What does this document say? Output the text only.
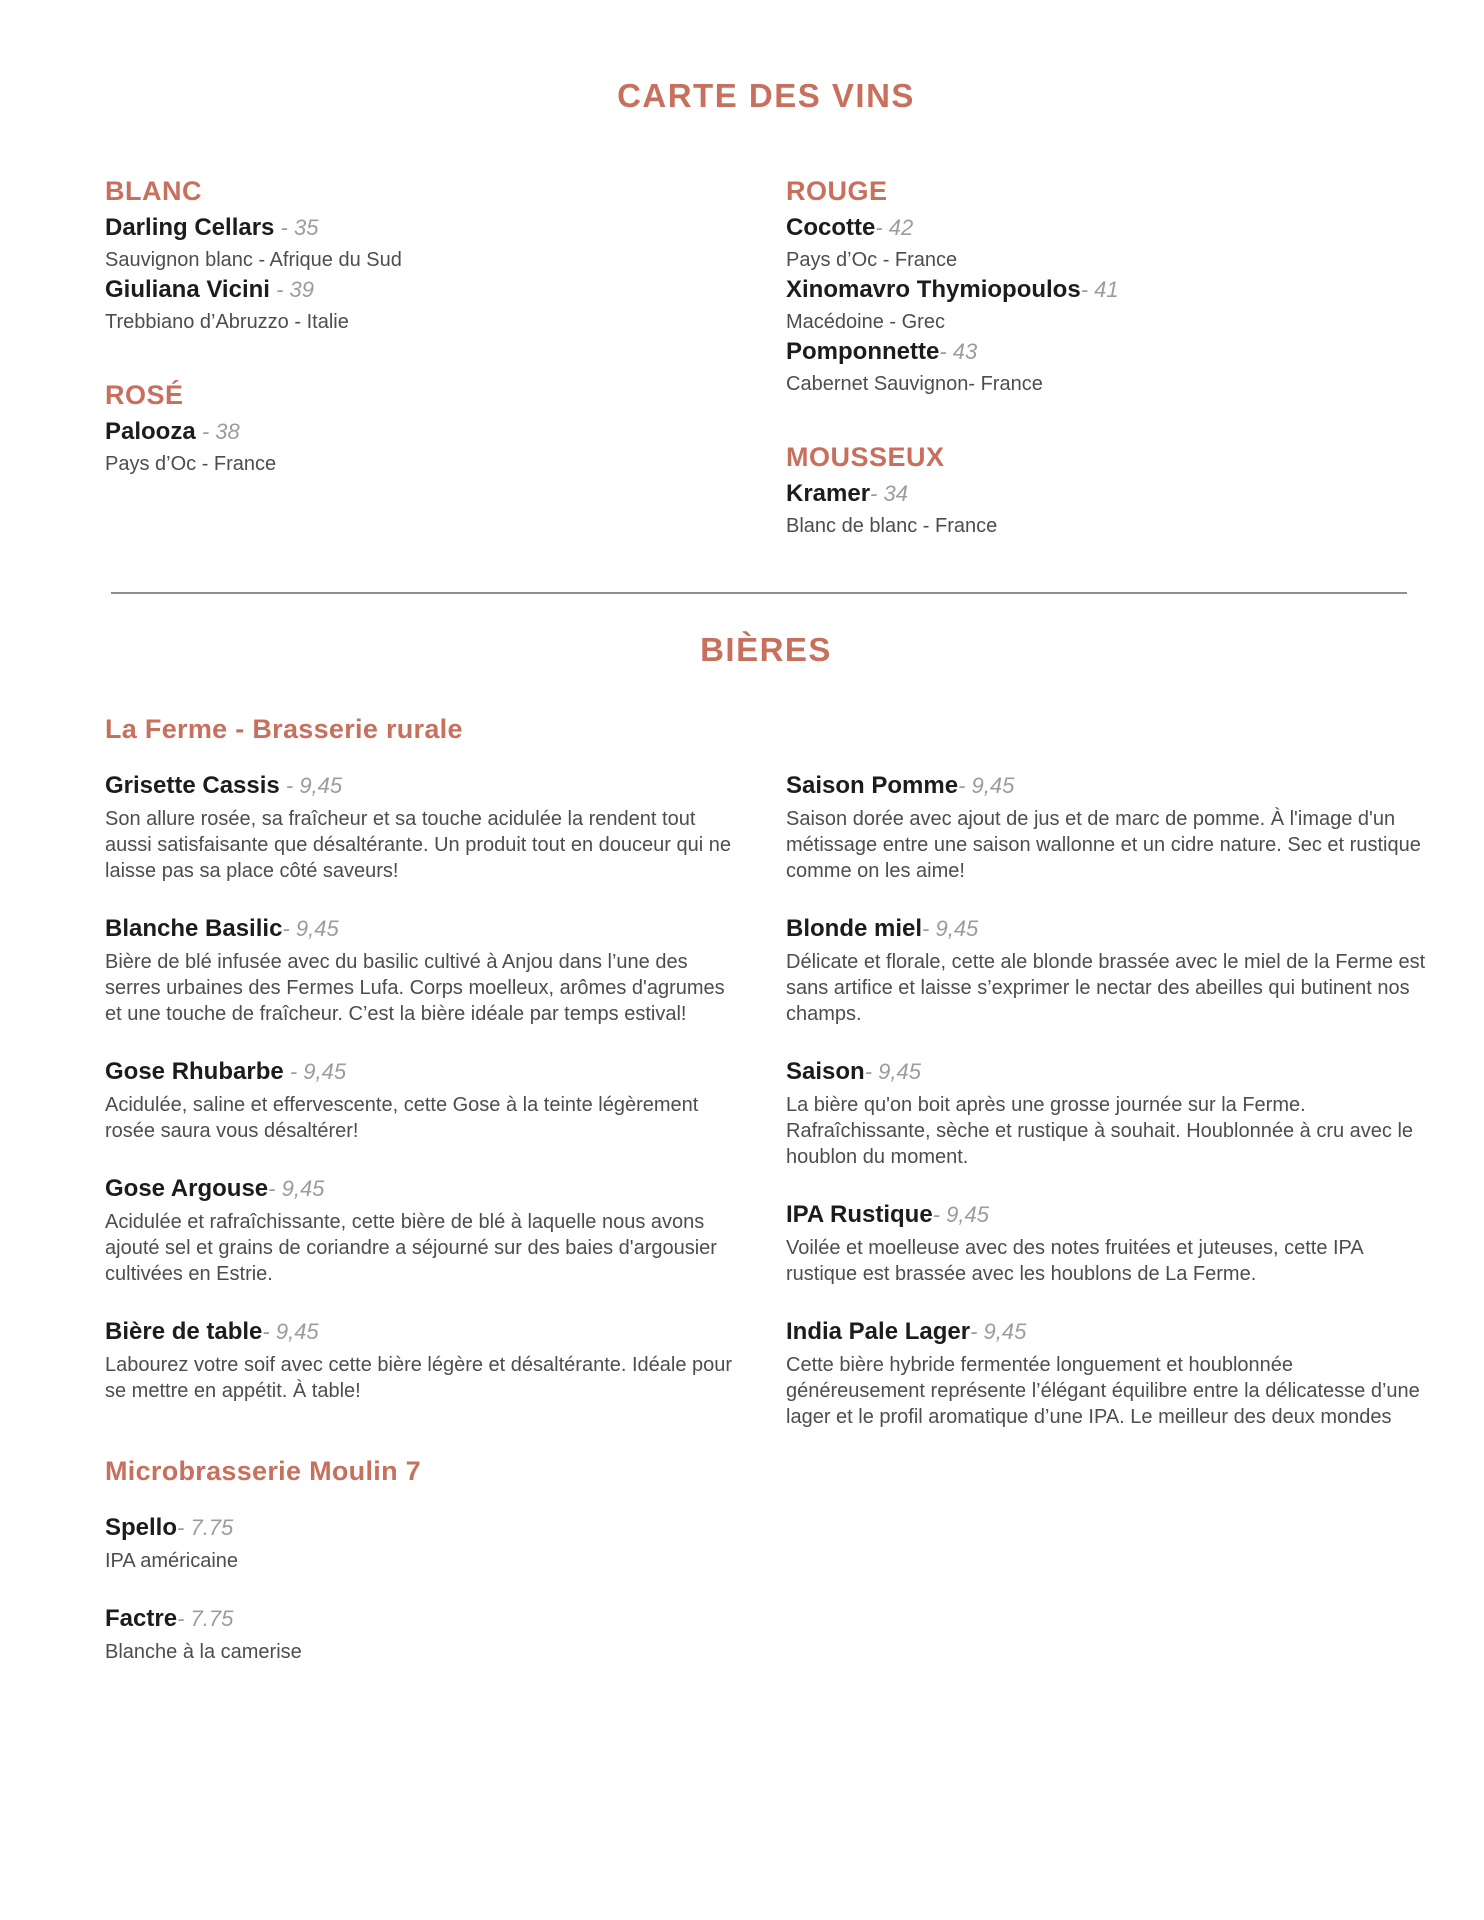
CARTE DES VINS
BLANC
Darling Cellars - 35
Sauvignon blanc - Afrique du Sud
Giuliana Vicini - 39
Trebbiano d’Abruzzo - Italie
ROSÉ
Palooza - 38
Pays d’Oc - France
ROUGE
Cocotte- 42
Pays d’Oc - France
Xinomavro Thymiopoulos- 41
Macédoine - Grec
Pomponnette- 43
Cabernet Sauvignon- France
MOUSSEUX
Kramer- 34
Blanc de blanc - France
BIÈRES
La Ferme - Brasserie rurale
Grisette Cassis - 9,45

Son allure rosée, sa fraîcheur et sa touche acidulée la rendent tout aussi satisfaisante que désaltérante. Un produit tout en douceur qui ne laisse pas sa place côté saveurs!

Blanche Basilic- 9,45

Bière de blé infusée avec du basilic cultivé à Anjou dans l’une des serres urbaines des Fermes Lufa. Corps moelleux, arômes d'agrumes et une touche de fraîcheur. C’est la bière idéale par temps estival!

Gose Rhubarbe - 9,45

Acidulée, saline et effervescente, cette Gose à la teinte légèrement rosée saura vous désaltérer!

Gose Argouse- 9,45

Acidulée et rafraîchissante, cette bière de blé à laquelle nous avons ajouté sel et grains de coriandre a séjourné sur des baies d'argousier cultivées en Estrie.

Bière de table- 9,45

Labourez votre soif avec cette bière légère et désaltérante. Idéale pour se mettre en appétit. À table!

Microbrasserie Moulin 7
Spello- 7.75

IPA américaine

Factre- 7.75

Blanche à la camerise

Saison Pomme- 9,45

Saison dorée avec ajout de jus et de marc de pomme. À l'image d'un métissage entre une saison wallonne et un cidre nature. Sec et rustique comme on les aime!

Blonde miel- 9,45

Délicate et florale, cette ale blonde brassée avec le miel de la Ferme est sans artifice et laisse s’exprimer le nectar des abeilles qui butinent nos champs.

Saison- 9,45

La bière qu'on boit après une grosse journée sur la Ferme. Rafraîchissante, sèche et rustique à souhait. Houblonnée à cru avec le houblon du moment.

IPA Rustique- 9,45

Voilée et moelleuse avec des notes fruitées et juteuses, cette IPA rustique est brassée avec les houblons de La Ferme.

India Pale Lager- 9,45

Cette bière hybride fermentée longuement et houblonnée généreusement représente l’élégant équilibre entre la délicatesse d’une lager et le profil aromatique d’une IPA. Le meilleur des deux mondes
